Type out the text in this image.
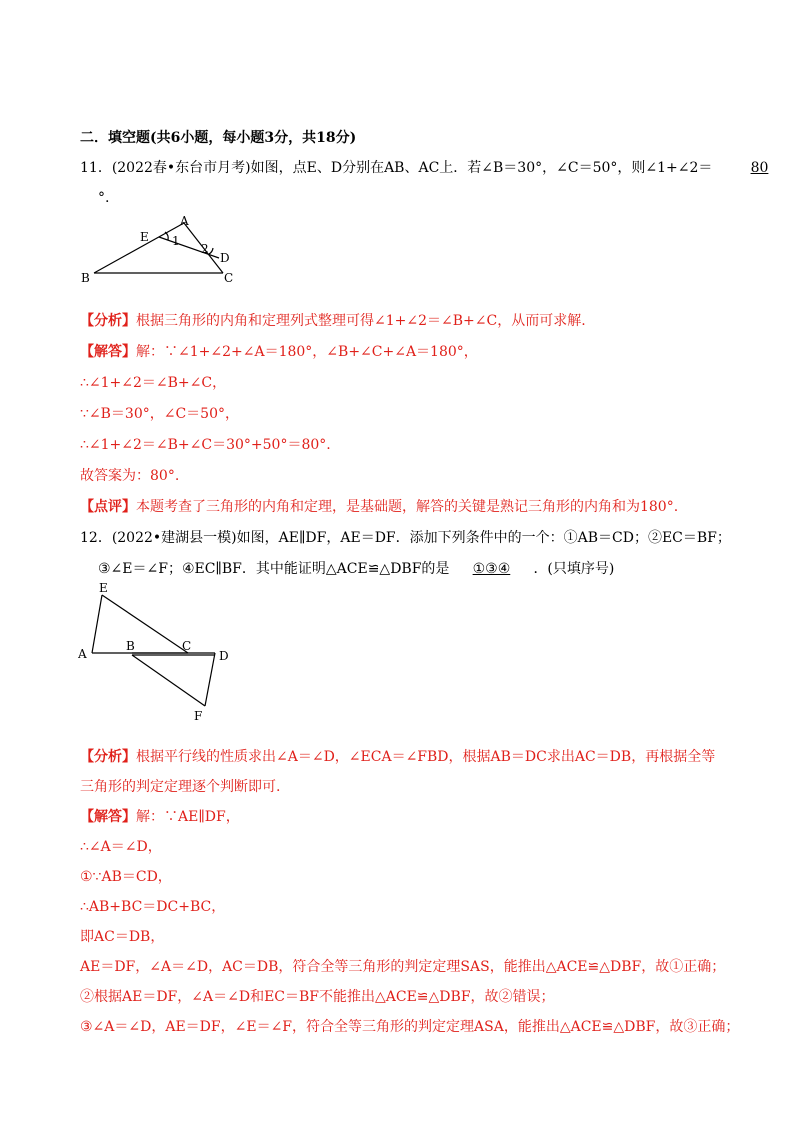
二．填空题(共6小题，每小题3分，共18分)
11．(2022春•东台市月考)如图，点E、D分别在AB、AC上．若∠B＝30°，∠C＝50°，则∠1+∠2＝	80
°.
A
E 1
2
D
B	C
【分析】根据三角形的内角和定理列式整理可得∠1+∠2＝∠B+∠C，从而可求解.
【解答】解：∵∠1+∠2+∠A＝180°，∠B+∠C+∠A＝180°，
∴∠1+∠2＝∠B+∠C，
∵∠B＝30°，∠C＝50°，
∴∠1+∠2＝∠B+∠C＝30°+50°＝80°.
故答案为：80°.
【点评】本题考查了三角形的内角和定理，是基础题，解答的关键是熟记三角形的内角和为180°.
12．(2022•建湖县一模)如图，AE∥DF，AE＝DF．添加下列条件中的一个：①AB＝CD；②EC＝BF；
③∠E＝∠F；④EC∥BF．其中能证明△ACE≌△DBF的是 ①③④ ．(只填序号)
E
A
B	C
D
F
【分析】根据平行线的性质求出∠A＝∠D，∠ECA＝∠FBD，根据AB＝DC求出AC＝DB，再根据全等
三角形的判定定理逐个判断即可.
【解答】解：∵AE∥DF，
∴∠A＝∠D，
①∵AB＝CD，
∴AB+BC＝DC+BC，
即AC＝DB，
AE＝DF，∠A＝∠D，AC＝DB，符合全等三角形的判定定理SAS，能推出△ACE≌△DBF，故①正确；
②根据AE＝DF，∠A＝∠D和EC＝BF不能推出△ACE≌△DBF，故②错误；
③∠A＝∠D，AE＝DF，∠E＝∠F，符合全等三角形的判定定理ASA，能推出△ACE≌△DBF，故③正确；
